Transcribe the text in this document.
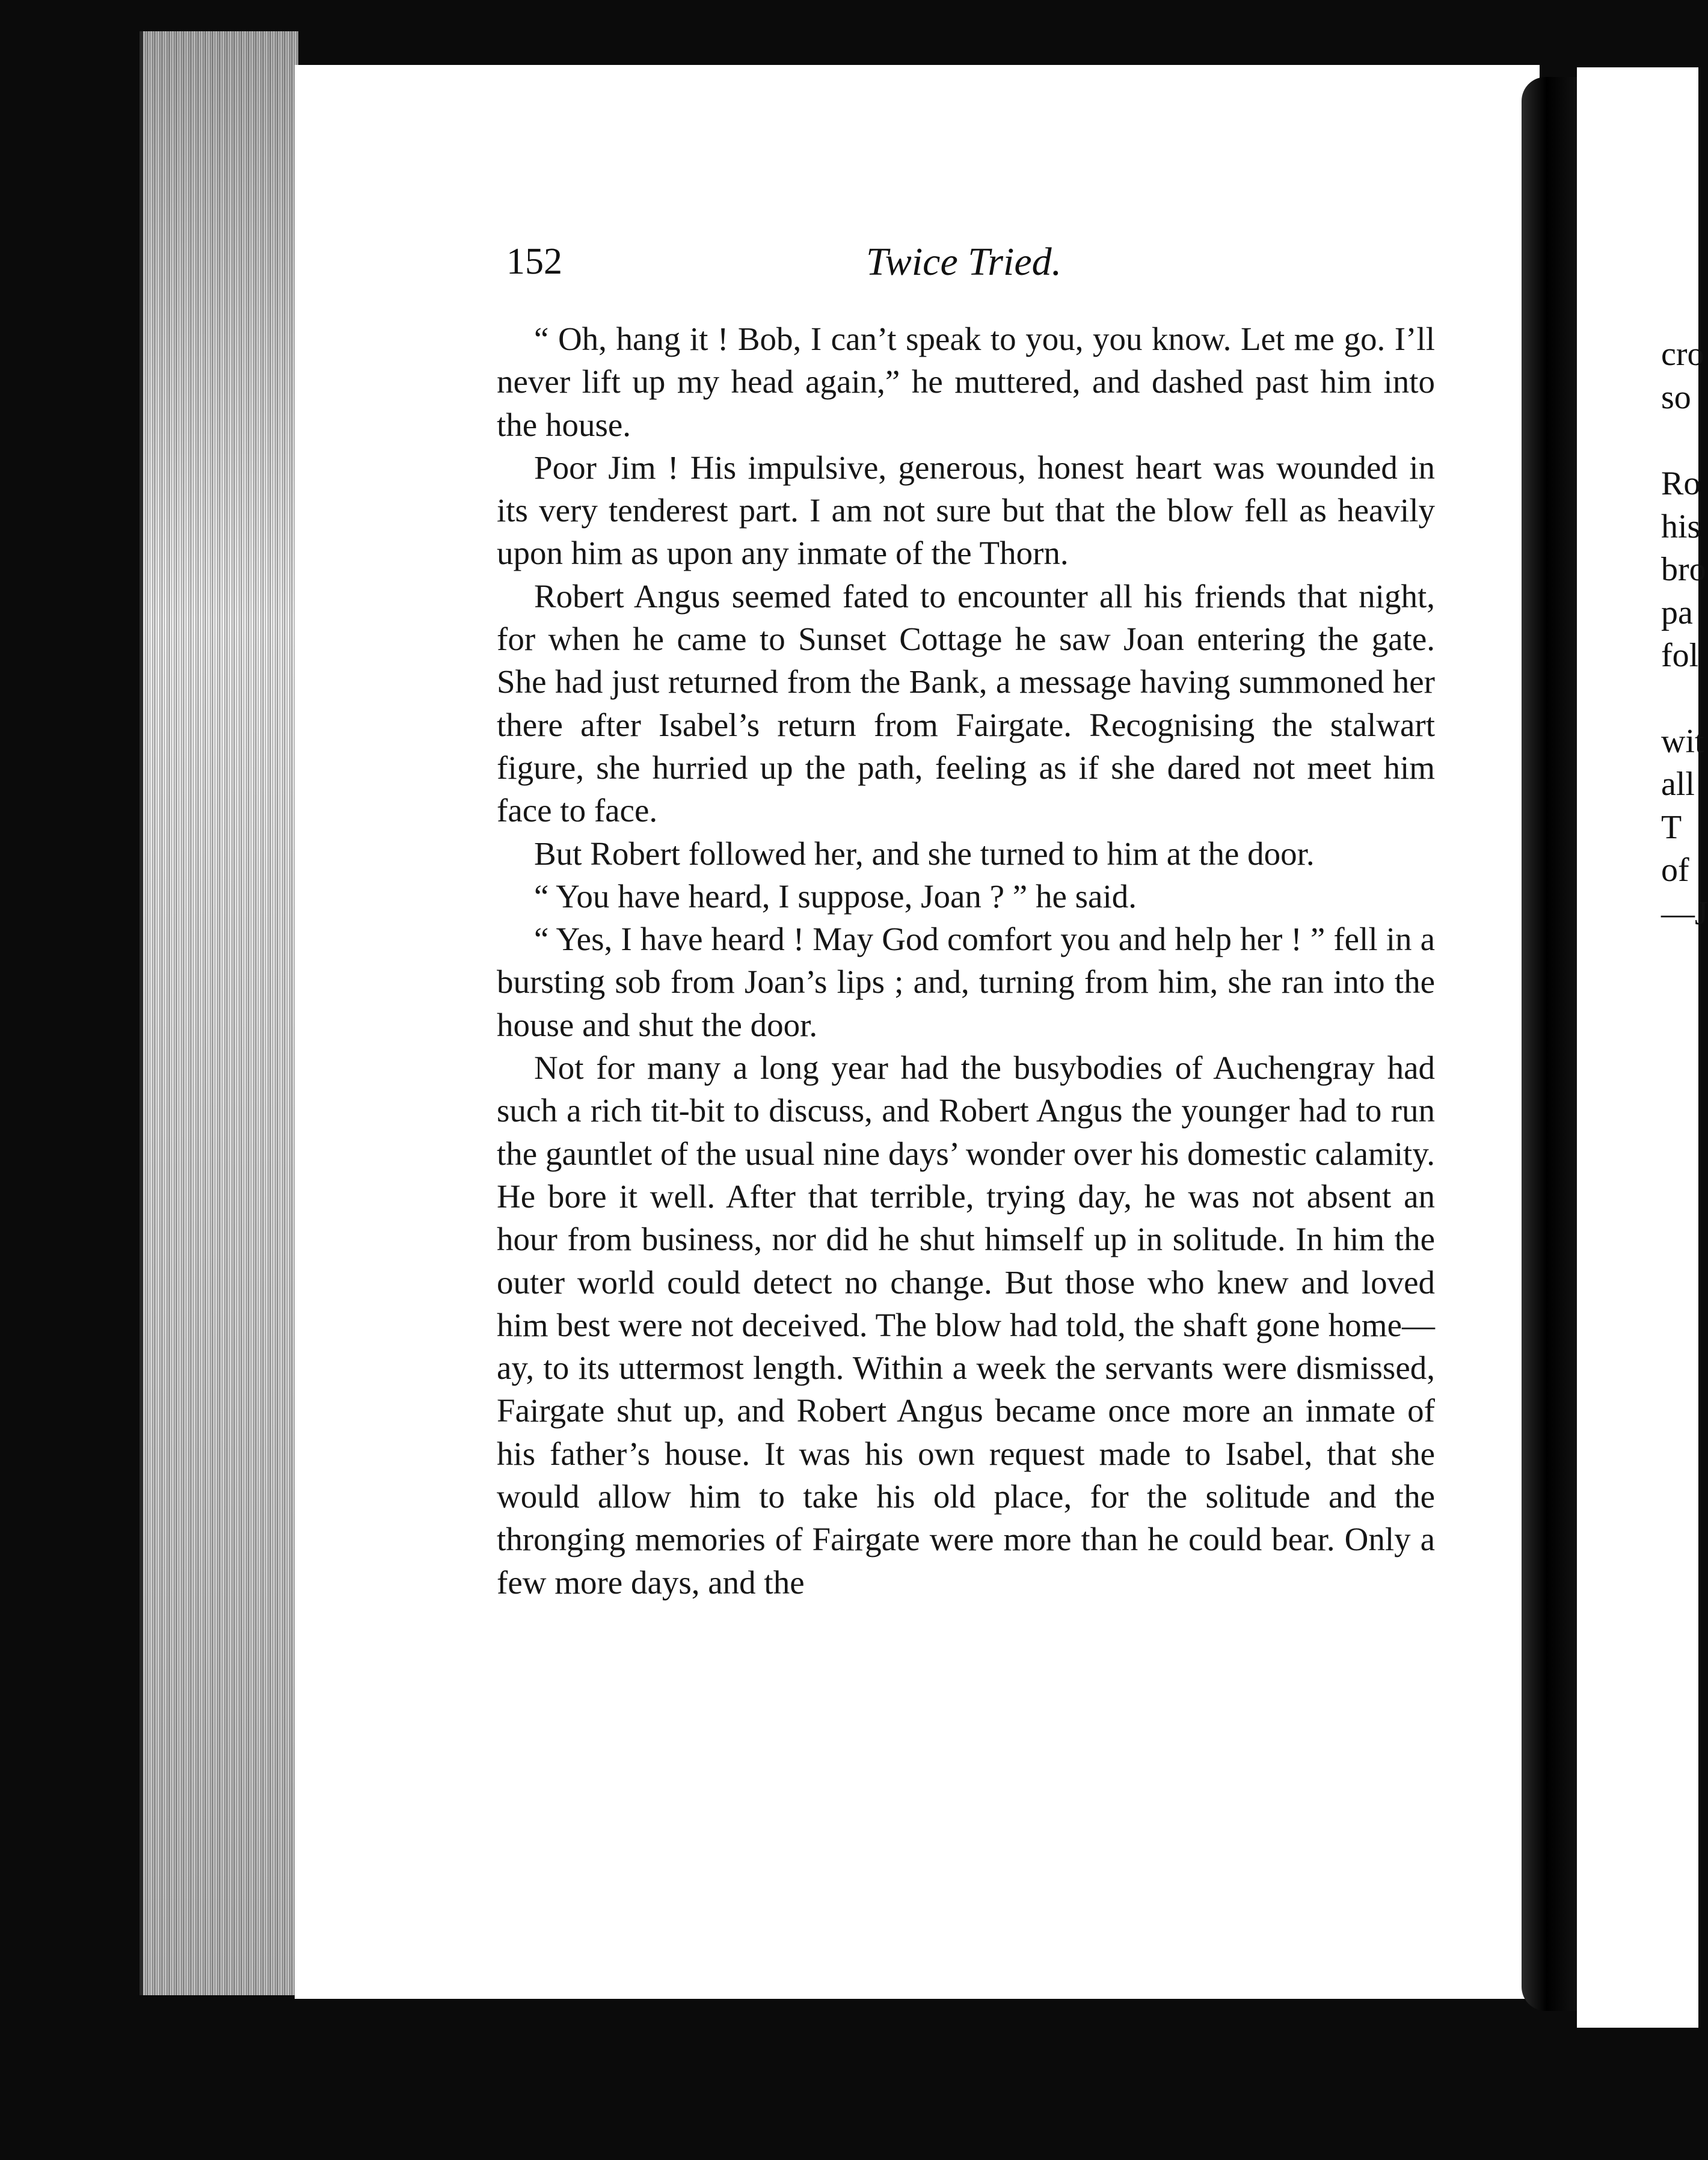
cro
so
Ro
his
bro
pa
fol
wit
all
T
of
—J
152	Twice Tried.

“ Oh, hang it ! Bob, I can’t speak to you, you know. Let me go. I’ll never lift up my head again,” he muttered, and dashed past him into the house.

Poor Jim ! His impulsive, generous, honest heart was wounded in its very tenderest part. I am not sure but that the blow fell as heavily upon him as upon any inmate of the Thorn.

Robert Angus seemed fated to encounter all his friends that night, for when he came to Sunset Cottage he saw Joan entering the gate. She had just returned from the Bank, a message having summoned her there after Isabel’s return from Fairgate. Recognising the stalwart figure, she hurried up the path, feeling as if she dared not meet him face to face.

But Robert followed her, and she turned to him at the door.

“ You have heard, I suppose, Joan ? ” he said.

“ Yes, I have heard ! May God comfort you and help her ! ” fell in a bursting sob from Joan’s lips ; and, turning from him, she ran into the house and shut the door.

Not for many a long year had the busybodies of Auchengray had such a rich tit-bit to discuss, and Robert Angus the younger had to run the gauntlet of the usual nine days’ wonder over his domestic calamity. He bore it well. After that terrible, trying day, he was not absent an hour from business, nor did he shut himself up in solitude. In him the outer world could detect no change. But those who knew and loved him best were not deceived. The blow had told, the shaft gone home—ay, to its uttermost length. Within a week the servants were dismissed, Fairgate shut up, and Robert Angus became once more an inmate of his father’s house. It was his own request made to Isabel, that she would allow him to take his old place, for the solitude and the thronging memories of Fairgate were more than he could bear. Only a few more days, and the
